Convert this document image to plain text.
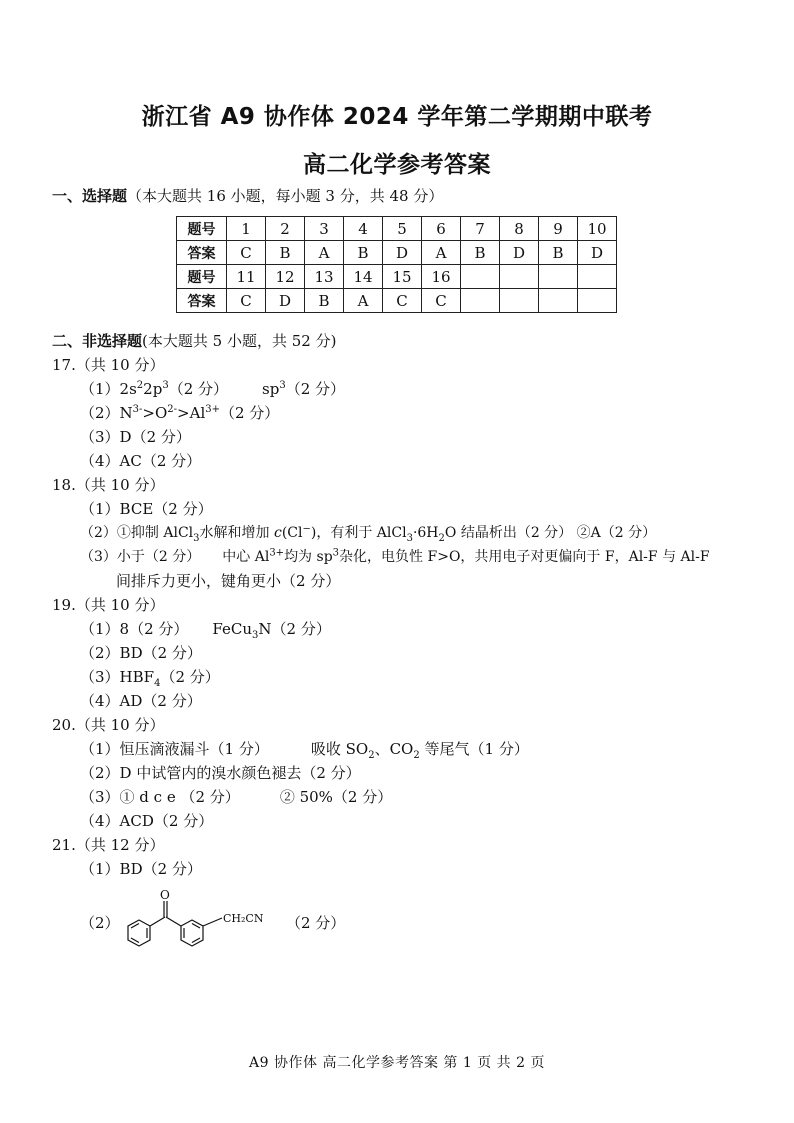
浙江省 A9 协作体 2024 学年第二学期期中联考
高二化学参考答案
一、选择题（本大题共 16 小题，每小题 3 分，共 48 分）
题号	1	2	3	4	5	6	7	8	9	10
答案	C	B	A	B	D	A	B	D	B	D
题号	11	12	13	14	15	16				
答案	C	D	B	A	C	C				
二、非选择题(本大题共 5 小题，共 52 分)
17.（共 10 分）
$(1)2s^22p^3(2$ 分） $sp^3(2$ 分）
$(2)N^{3-}>O^{2-}>Al^{3+}(2$ 分）
（3）D（2 分）
（4）AC（2 分）
18.（共 10 分）
（1）BCE（2 分）
（2）①抑制 AlCl$_3$水解和增加 c(Cl−)，有利于 $AlCl_3\cdot 6H_2O$ 结晶析出（2 分） ②A（2 分）
（3）小于（2 分） 中心 $Al^{3+}$均为 $sp^3$杂化，电负性 F>O，共用电子对更偏向于 F，Al-F 与 Al-F
间排斥力更小，键角更小（2 分）
19.（共 10 分）
（1）8（2 分） FeCu$_3$N（2 分）
（2）BD（2 分）
$(3)HBF_4(2$ 分）
（4）AD（2 分）
20.（共 10 分）
（1）恒压滴液漏斗（1 分）	吸收 $SO_2$、$CO_2$ 等尾气（1 分）
（2）D 中试管内的溴水颜色褪去（2 分）
（3）① d c e （2 分）	② 50%（2 分）
（4）ACD（2 分）
21.（共 12 分）
（1）BD（2 分）
（2）
O
CH₂CN （2 分）
A9 协作体 高二化学参考答案 第 1 页 共 2 页
